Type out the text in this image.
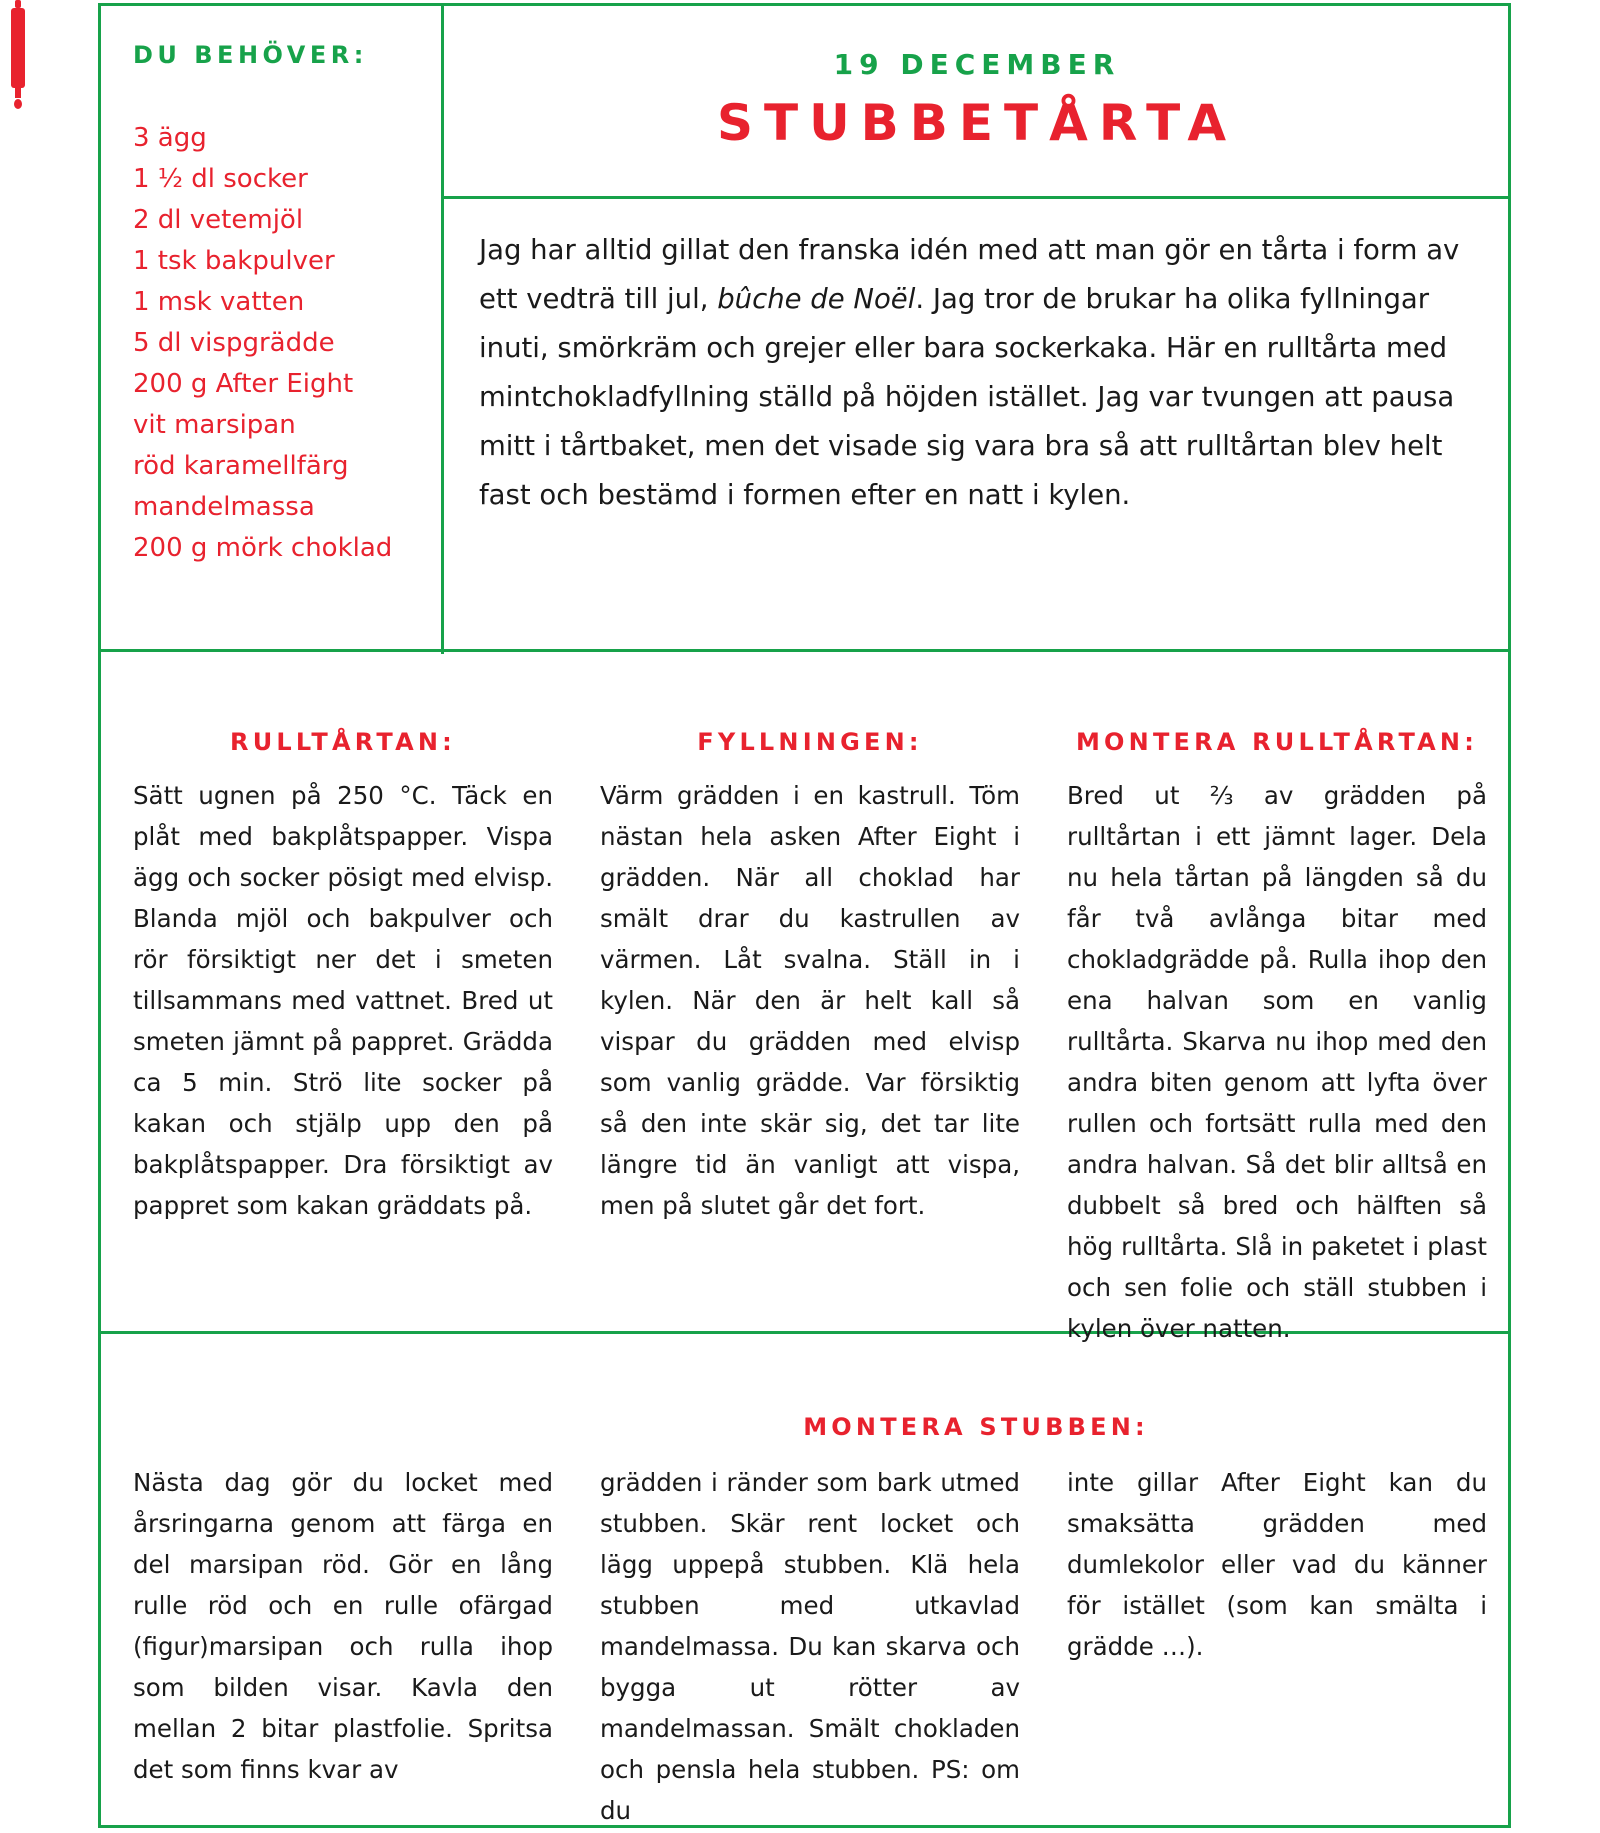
DU BEHÖVER:
3 ägg
1 ½ dl socker
2 dl vetemjöl
1 tsk bakpulver
1 msk vatten
5 dl vispgrädde
200 g After Eight
vit marsipan
röd karamellfärg
mandelmassa
200 g mörk choklad
19 DECEMBER
STUBBETÅRTA

Jag har alltid gillat den franska idén med att man gör en tårta i form av ett vedträ till jul, bûche de Noël. Jag tror de brukar ha olika fyllningar inuti, smörkräm och grejer eller bara sockerkaka. Här en rulltårta med mintchokladfyllning ställd på höjden istället. Jag var tvungen att pausa mitt i tårtbaket, men det visade sig vara bra så att rulltårtan blev helt fast och bestämd i formen efter en natt i kylen.

RULLTÅRTAN:

Sätt ugnen på 250 °C. Täck en plåt med bakplåtspapper. Vispa ägg och socker pösigt med elvisp. Blanda mjöl och bakpulver och rör försiktigt ner det i smeten tillsammans med vattnet. Bred ut smeten jämnt på pappret. Grädda ca 5 min. Strö lite socker på kakan och stjälp upp den på bakplåtspapper. Dra försiktigt av pappret som kakan gräddats på.

FYLLNINGEN:

Värm grädden i en kastrull. Töm nästan hela asken After Eight i grädden. När all choklad har smält drar du kastrullen av värmen. Låt svalna. Ställ in i kylen. När den är helt kall så vispar du grädden med elvisp som vanlig grädde. Var försiktig så den inte skär sig, det tar lite längre tid än vanligt att vispa, men på slutet går det fort.

MONTERA RULLTÅRTAN:

Bred ut ⅔ av grädden på rulltårtan i ett jämnt lager. Dela nu hela tårtan på längden så du får två avlånga bitar med chokladgrädde på. Rulla ihop den ena halvan som en vanlig rulltårta. Skarva nu ihop med den andra biten genom att lyfta över rullen och fortsätt rulla med den andra halvan. Så det blir alltså en dubbelt så bred och hälften så hög rulltårta. Slå in paketet i plast och sen folie och ställ stubben i kylen över natten.

MONTERA STUBBEN:

Nästa dag gör du locket med årsringarna genom att färga en del marsipan röd. Gör en lång rulle röd och en rulle ofärgad (figur)marsipan och rulla ihop som bilden visar. Kavla den mellan 2 bitar plastfolie. Spritsa det som finns kvar av

grädden i ränder som bark utmed stubben. Skär rent locket och lägg uppepå stubben. Klä hela stubben med utkavlad mandelmassa. Du kan skarva och bygga ut rötter av mandelmassan. Smält chokladen och pensla hela stubben. PS: om du

inte gillar After Eight kan du smaksätta grädden med dumlekolor eller vad du känner för istället (som kan smälta i grädde …).
